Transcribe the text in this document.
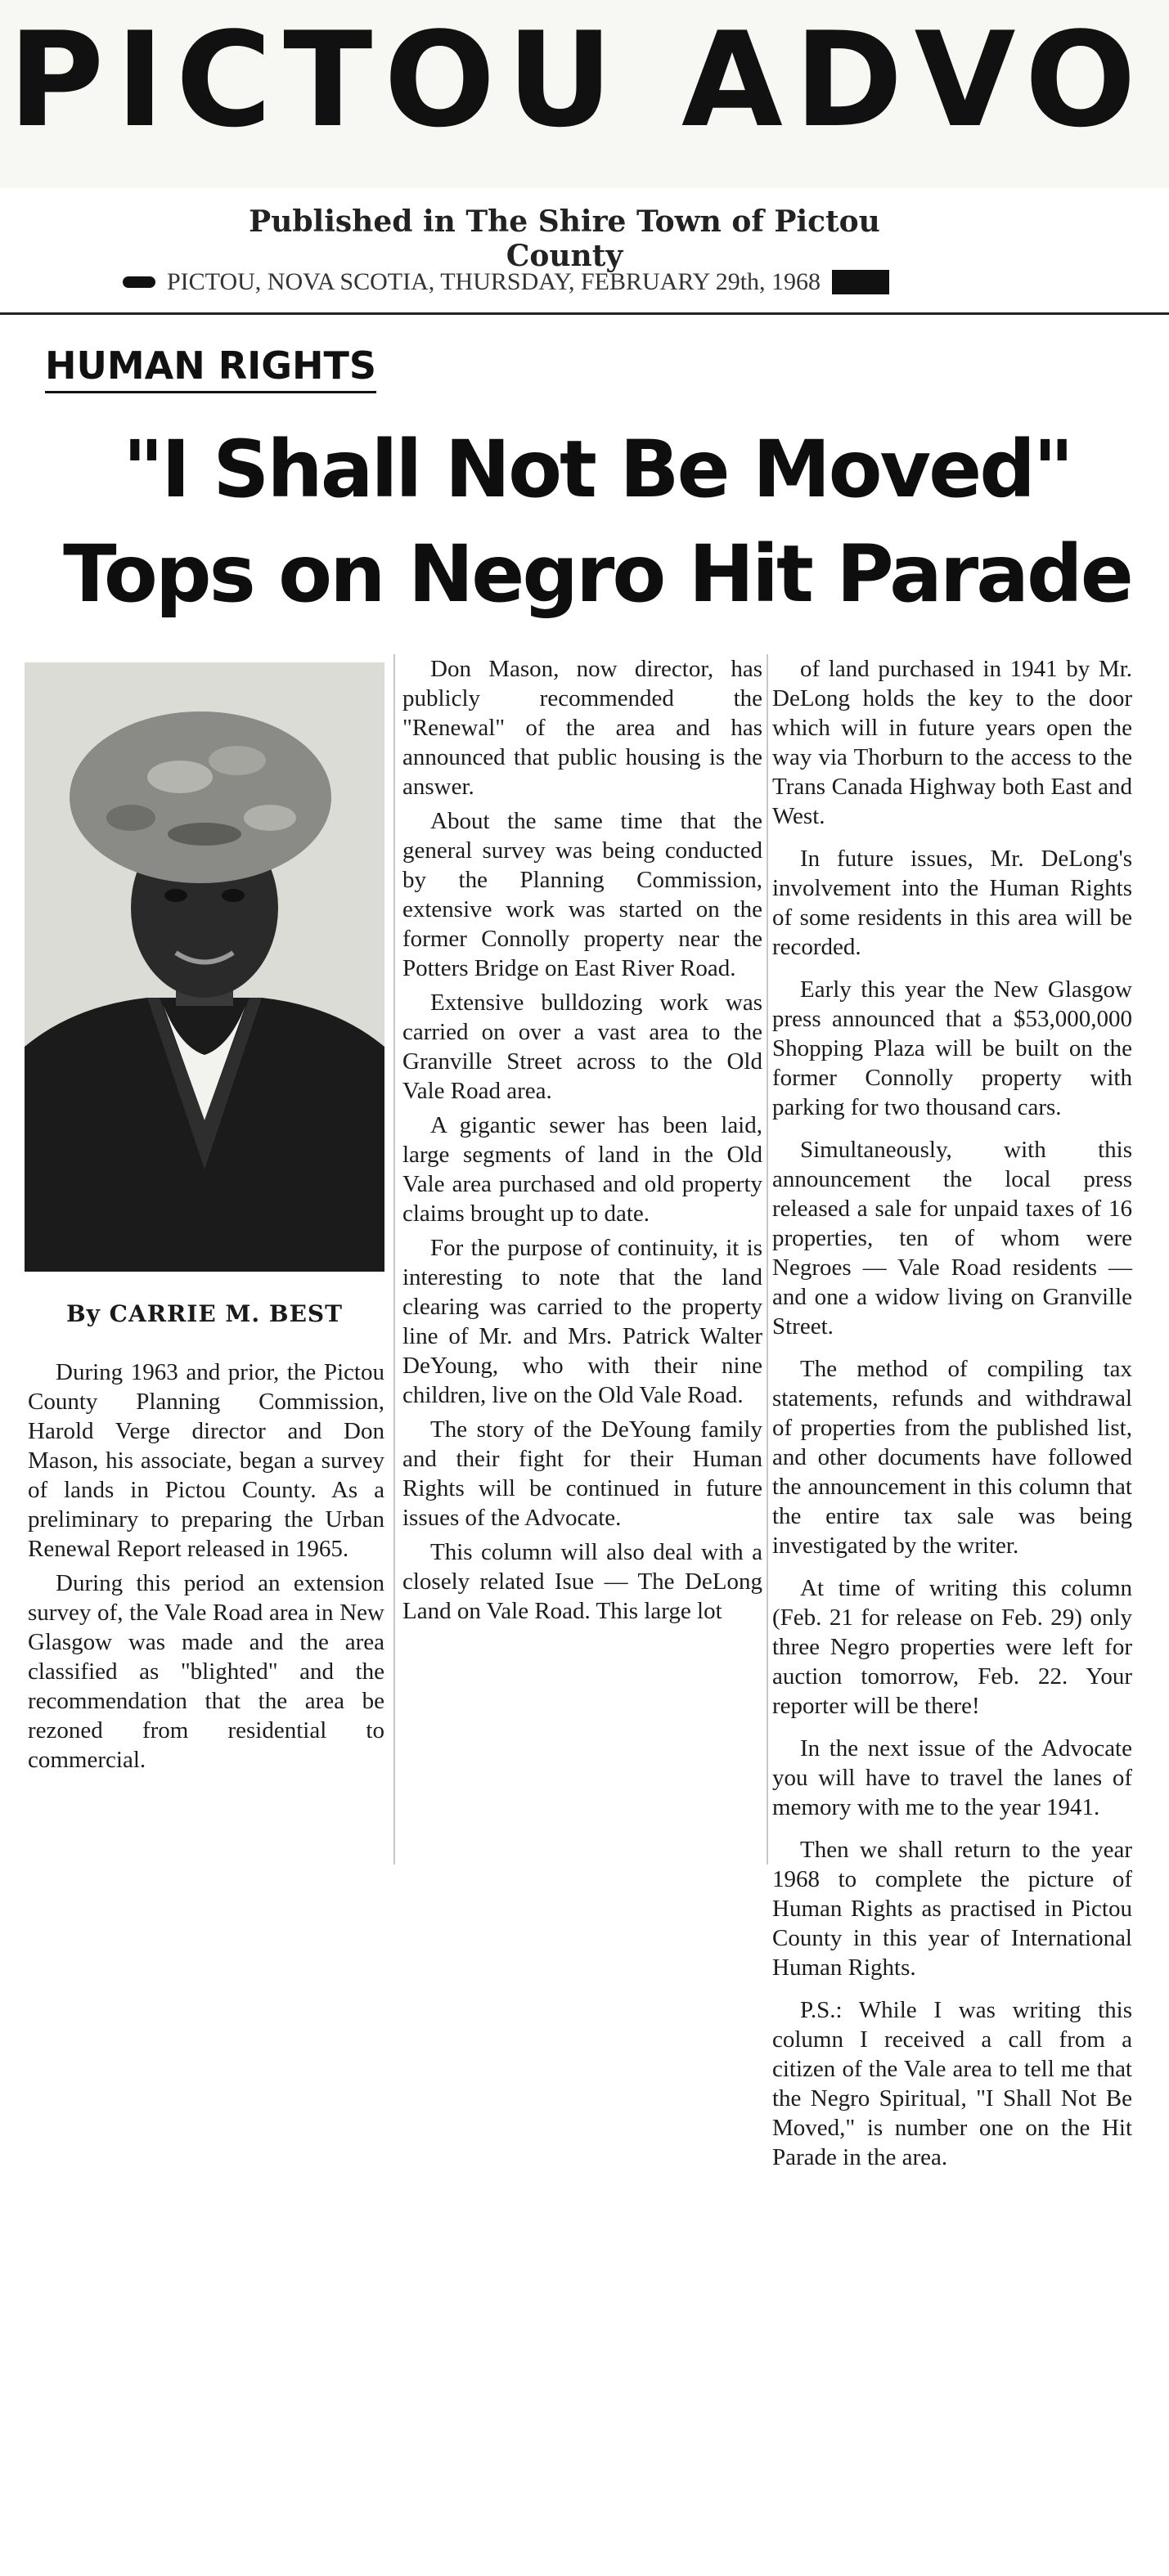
PICTOU ADVO
Published in The Shire Town of Pictou County
PICTOU, NOVA SCOTIA, THURSDAY, FEBRUARY 29th, 1968
HUMAN RIGHTS
"I Shall Not Be Moved"
Tops on Negro Hit Parade
By CARRIE M. BEST

During 1963 and prior, the Pictou County Planning Commission, Harold Verge director and Don Mason, his associate, began a survey of lands in Pictou County. As a preliminary to preparing the Urban Renewal Report released in 1965.

During this period an extension survey of, the Vale Road area in New Glasgow was made and the area classified as "blighted" and the recommendation that the area be rezoned from residential to commercial.

Don Mason, now director, has publicly recommended the "Renewal" of the area and has announced that public housing is the answer.

About the same time that the general survey was being conducted by the Planning Commission, extensive work was started on the former Connolly property near the Potters Bridge on East River Road.

Extensive bulldozing work was carried on over a vast area to the Granville Street across to the Old Vale Road area.

A gigantic sewer has been laid, large segments of land in the Old Vale area purchased and old property claims brought up to date.

For the purpose of continuity, it is interesting to note that the land clearing was carried to the property line of Mr. and Mrs. Patrick Walter DeYoung, who with their nine children, live on the Old Vale Road.

The story of the DeYoung family and their fight for their Human Rights will be continued in future issues of the Advocate.

This column will also deal with a closely related Isue — The DeLong Land on Vale Road. This large lot

of land purchased in 1941 by Mr. DeLong holds the key to the door which will in future years open the way via Thorburn to the access to the Trans Canada Highway both East and West.

In future issues, Mr. DeLong's involvement into the Human Rights of some residents in this area will be recorded.

Early this year the New Glasgow press announced that a $53,000,000 Shopping Plaza will be built on the former Connolly property with parking for two thousand cars.

Simultaneously, with this announcement the local press released a sale for unpaid taxes of 16 properties, ten of whom were Negroes — Vale Road residents — and one a widow living on Granville Street.

The method of compiling tax statements, refunds and withdrawal of properties from the published list, and other documents have followed the announcement in this column that the entire tax sale was being investigated by the writer.

At time of writing this column (Feb. 21 for release on Feb. 29) only three Negro properties were left for auction tomorrow, Feb. 22. Your reporter will be there!

In the next issue of the Advocate you will have to travel the lanes of memory with me to the year 1941.

Then we shall return to the year 1968 to complete the picture of Human Rights as practised in Pictou County in this year of International Human Rights.

P.S.: While I was writing this column I received a call from a citizen of the Vale area to tell me that the Negro Spiritual, "I Shall Not Be Moved," is number one on the Hit Parade in the area.
